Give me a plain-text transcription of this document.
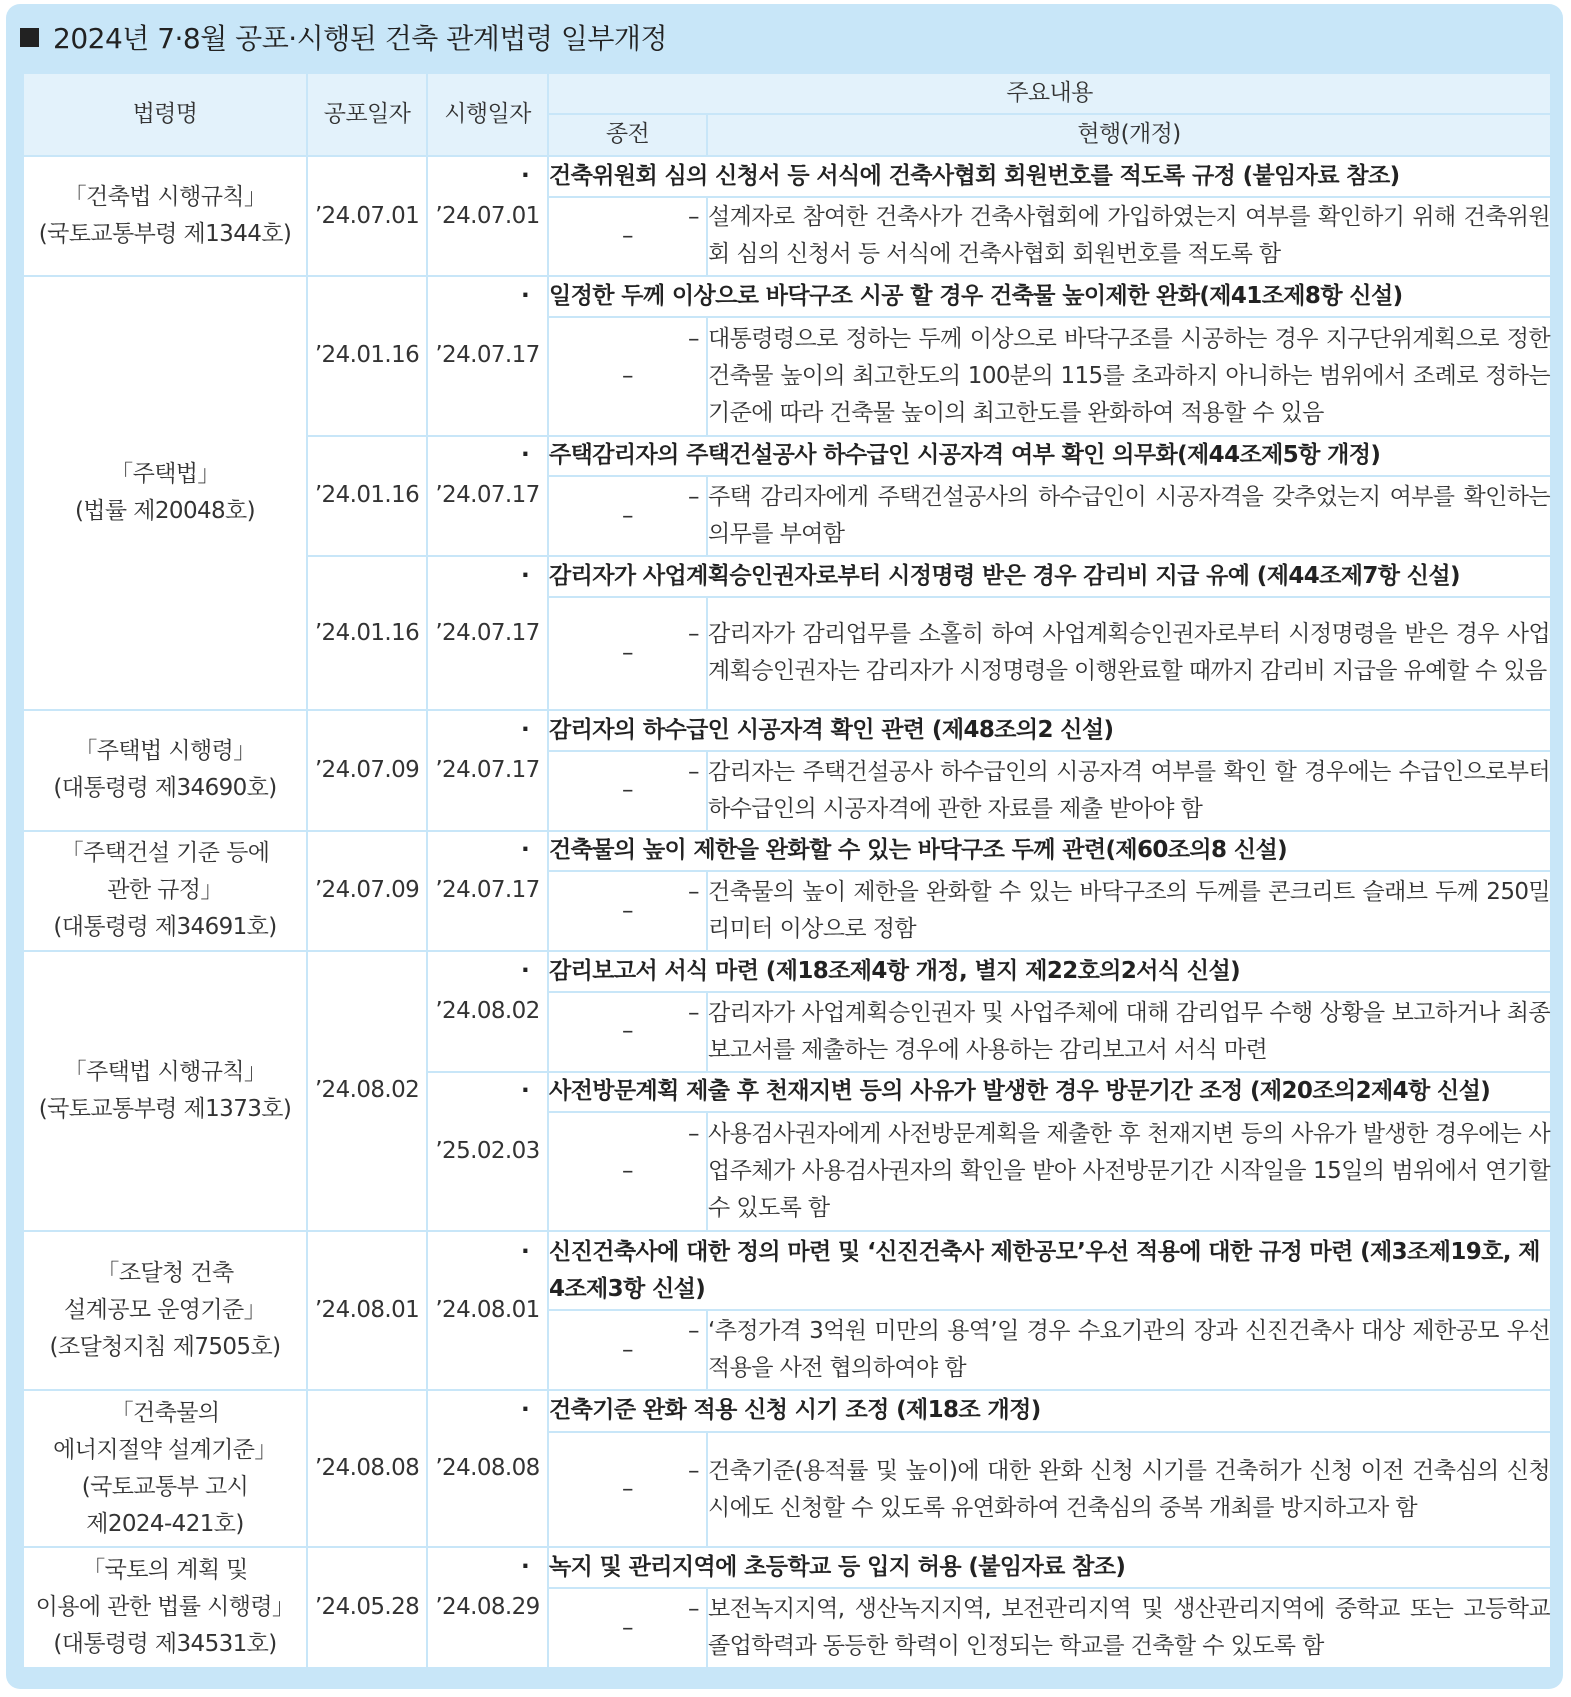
2024년 7·8월 공포·시행된 건축 관계법령 일부개정
법령명	공포일자	시행일자	주요내용	
			종전	현행(개정)

「건축법 시행규칙」
(국토교통부령 제1344호)	’24.07.01	’24.07.01	· 건축위원회 심의 신청서 등 서식에 건축사협회 회원번호를 적도록 규정 (붙임자료 참조)	
			–	– 설계자로 참여한 건축사가 건축사협회에 가입하였는지 여부를 확인하기 위해 건축위원회 심의 신청서 등 서식에 건축사협회 회원번호를 적도록 함

「주택법」
(법률 제20048호)	’24.01.16	’24.07.17	· 일정한 두께 이상으로 바닥구조 시공 할 경우 건축물 높이제한 완화(제41조제8항 신설)	
			–	– 대통령령으로 정하는 두께 이상으로 바닥구조를 시공하는 경우 지구단위계획으로 정한 건축물 높이의 최고한도의 100분의 115를 초과하지 아니하는 범위에서 조례로 정하는 기준에 따라 건축물 높이의 최고한도를 완화하여 적용할 수 있음
	’24.01.16	’24.07.17	· 주택감리자의 주택건설공사 하수급인 시공자격 여부 확인 의무화(제44조제5항 개정)	
			–	– 주택 감리자에게 주택건설공사의 하수급인이 시공자격을 갖추었는지 여부를 확인하는 의무를 부여함
	’24.01.16	’24.07.17	· 감리자가 사업계획승인권자로부터 시정명령 받은 경우 감리비 지급 유예 (제44조제7항 신설)	
			–	– 감리자가 감리업무를 소홀히 하여 사업계획승인권자로부터 시정명령을 받은 경우 사업계획승인권자는 감리자가 시정명령을 이행완료할 때까지 감리비 지급을 유예할 수 있음

「주택법 시행령」
(대통령령 제34690호)	’24.07.09	’24.07.17	· 감리자의 하수급인 시공자격 확인 관련 (제48조의2 신설)	
			–	– 감리자는 주택건설공사 하수급인의 시공자격 여부를 확인 할 경우에는 수급인으로부터 하수급인의 시공자격에 관한 자료를 제출 받아야 함

「주택건설 기준 등에
관한 규정」
(대통령령 제34691호)	’24.07.09	’24.07.17	· 건축물의 높이 제한을 완화할 수 있는 바닥구조 두께 관련(제60조의8 신설)	
			–	– 건축물의 높이 제한을 완화할 수 있는 바닥구조의 두께를 콘크리트 슬래브 두께 250밀리미터 이상으로 정함

「주택법 시행규칙」
(국토교통부령 제1373호)	’24.08.02	’24.08.02	· 감리보고서 서식 마련 (제18조제4항 개정, 별지 제22호의2서식 신설)	
			–	– 감리자가 사업계획승인권자 및 사업주체에 대해 감리업무 수행 상황을 보고하거나 최종보고서를 제출하는 경우에 사용하는 감리보고서 서식 마련
		’25.02.03	· 사전방문계획 제출 후 천재지변 등의 사유가 발생한 경우 방문기간 조정 (제20조의2제4항 신설)	
			–	– 사용검사권자에게 사전방문계획을 제출한 후 천재지변 등의 사유가 발생한 경우에는 사업주체가 사용검사권자의 확인을 받아 사전방문기간 시작일을 15일의 범위에서 연기할 수 있도록 함

「조달청 건축
설계공모 운영기준」
(조달청지침 제7505호)	’24.08.01	’24.08.01	· 신진건축사에 대한 정의 마련 및 ‘신진건축사 제한공모’우선 적용에 대한 규정 마련 (제3조제19호, 제4조제3항 신설)	
			–	– ‘추정가격 3억원 미만의 용역’일 경우 수요기관의 장과 신진건축사 대상 제한공모 우선 적용을 사전 협의하여야 함

「건축물의
에너지절약 설계기준」
(국토교통부 고시
제2024-421호)	’24.08.08	’24.08.08	· 건축기준 완화 적용 신청 시기 조정 (제18조 개정)	
			–	– 건축기준(용적률 및 높이)에 대한 완화 신청 시기를 건축허가 신청 이전 건축심의 신청 시에도 신청할 수 있도록 유연화하여 건축심의 중복 개최를 방지하고자 함

「국토의 계획 및
이용에 관한 법률 시행령」
(대통령령 제34531호)	’24.05.28	’24.08.29	· 녹지 및 관리지역에 초등학교 등 입지 허용 (붙임자료 참조)	
			–	– 보전녹지지역, 생산녹지지역, 보전관리지역 및 생산관리지역에 중학교 또는 고등학교 졸업학력과 동등한 학력이 인정되는 학교를 건축할 수 있도록 함
